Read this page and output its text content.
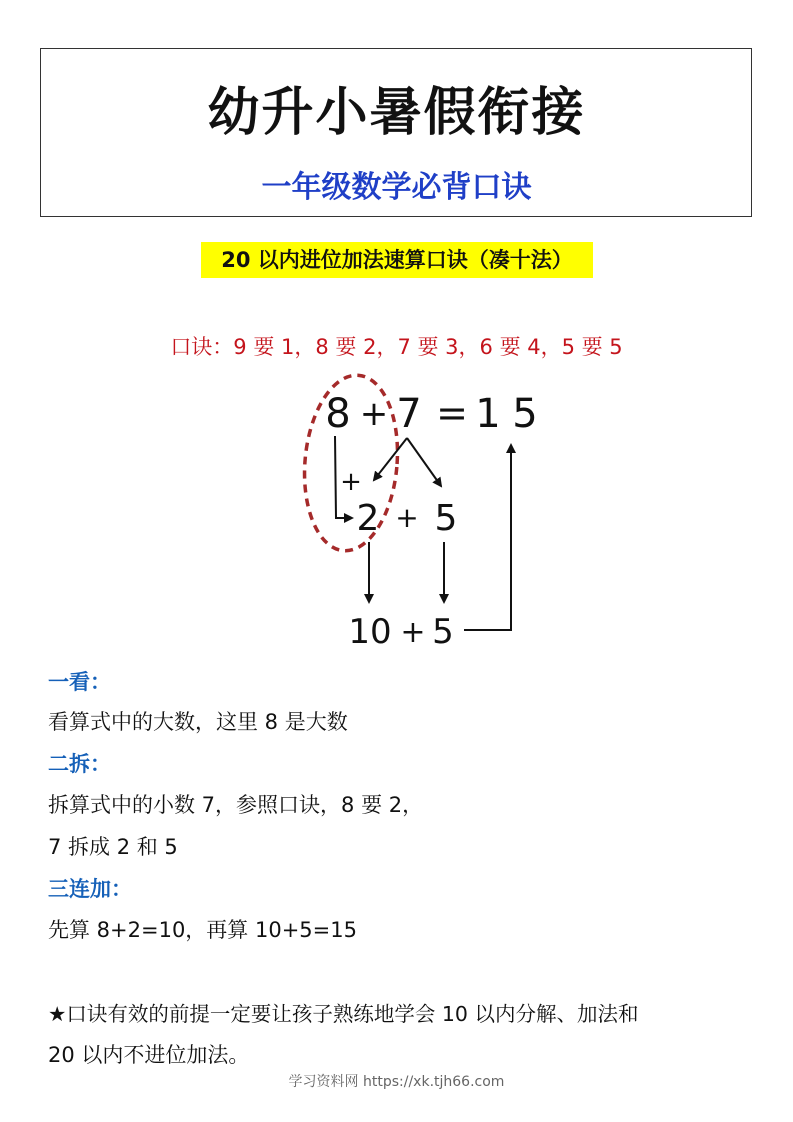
幼升小暑假衔接
一年级数学必背口诀
20 以内进位加法速算口诀（凑十法）
口诀：9 要 1，8 要 2，7 要 3，6 要 4，5 要 5
8 + 7 = 1 5
+
2 + 5
10 + 5
一看：
看算式中的大数，这里 8 是大数
二拆：
拆算式中的小数 7，参照口诀，8 要 2，
7 拆成 2 和 5
三连加：
先算 8+2=10，再算 10+5=15
★口诀有效的前提一定要让孩子熟练地学会 10 以内分解、加法和
20 以内不进位加法。
学习资料网 https://xk.tjh66.com
